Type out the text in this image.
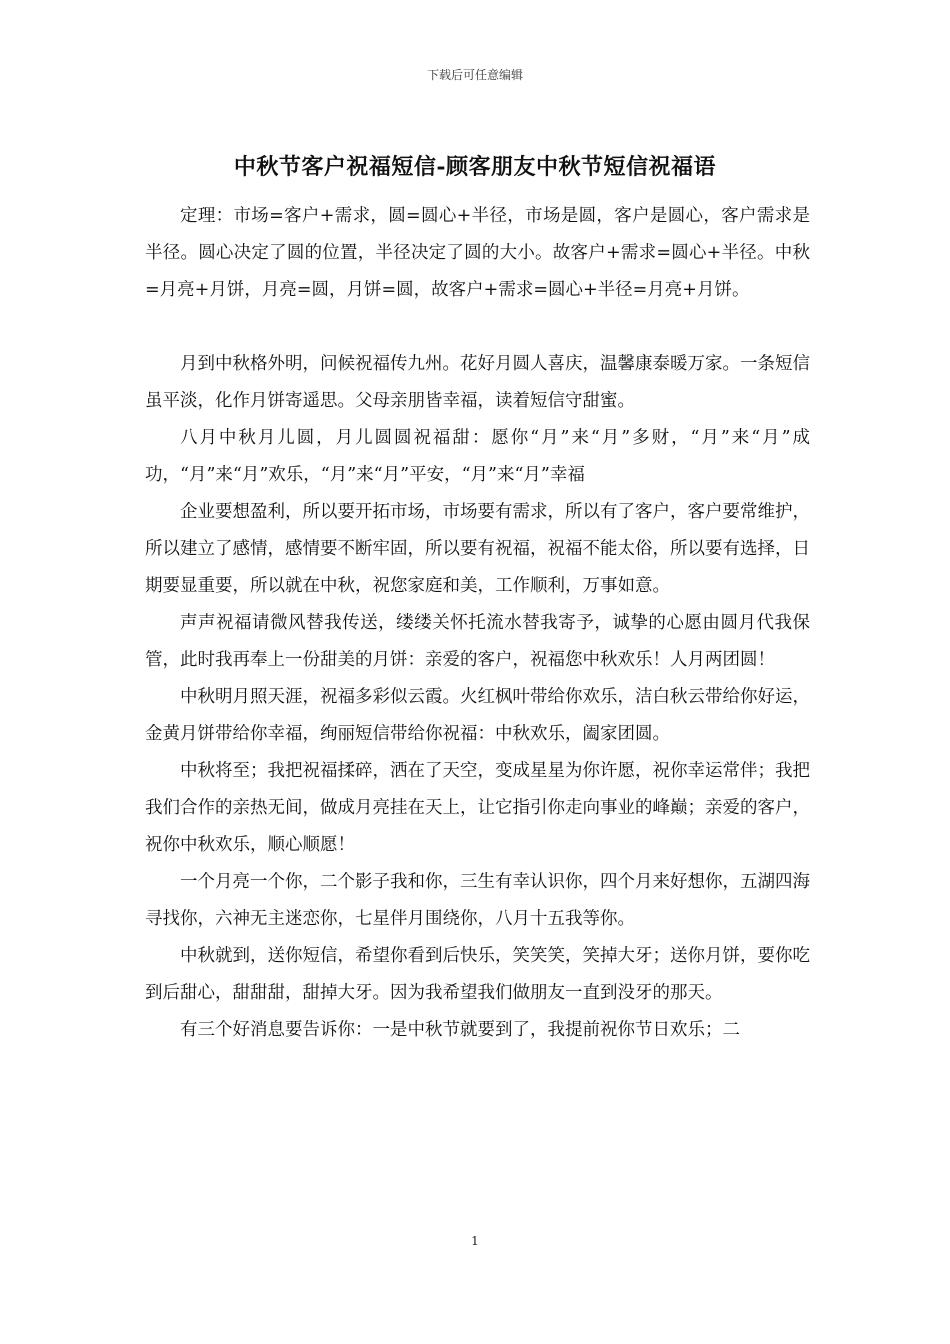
下载后可任意编辑
中秋节客户祝福短信-顾客朋友中秋节短信祝福语

定理：市场=客户+需求，圆=圆心+半径，市场是圆，客户是圆心，客户需求是半径。圆心决定了圆的位置，半径决定了圆的大小。故客户+需求=圆心+半径。中秋=月亮+月饼，月亮=圆，月饼=圆，故客户+需求=圆心+半径=月亮+月饼。

月到中秋格外明，问候祝福传九州。花好月圆人喜庆，温馨康泰暖万家。一条短信虽平淡，化作月饼寄遥思。父母亲朋皆幸福，读着短信守甜蜜。

八月中秋月儿圆，月儿圆圆祝福甜：愿你“月”来“月”多财，“月”来“月”成功，“月”来“月”欢乐，“月”来“月”平安，“月”来“月”幸福

企业要想盈利，所以要开拓市场，市场要有需求，所以有了客户，客户要常维护，所以建立了感情，感情要不断牢固，所以要有祝福，祝福不能太俗，所以要有选择，日期要显重要，所以就在中秋，祝您家庭和美，工作顺利，万事如意。

声声祝福请微风替我传送，缕缕关怀托流水替我寄予，诚挚的心愿由圆月代我保管，此时我再奉上一份甜美的月饼：亲爱的客户，祝福您中秋欢乐！人月两团圆！

中秋明月照天涯，祝福多彩似云霞。火红枫叶带给你欢乐，洁白秋云带给你好运，金黄月饼带给你幸福，绚丽短信带给你祝福：中秋欢乐，阖家团圆。

中秋将至；我把祝福揉碎，洒在了天空，变成星星为你许愿，祝你幸运常伴；我把我们合作的亲热无间，做成月亮挂在天上，让它指引你走向事业的峰巅；亲爱的客户，祝你中秋欢乐，顺心顺愿！

一个月亮一个你，二个影子我和你，三生有幸认识你，四个月来好想你，五湖四海寻找你，六神无主迷恋你，七星伴月围绕你，八月十五我等你。

中秋就到，送你短信，希望你看到后快乐，笑笑笑，笑掉大牙；送你月饼，要你吃到后甜心，甜甜甜，甜掉大牙。因为我希望我们做朋友一直到没牙的那天。

有三个好消息要告诉你：一是中秋节就要到了，我提前祝你节日欢乐；二

1
